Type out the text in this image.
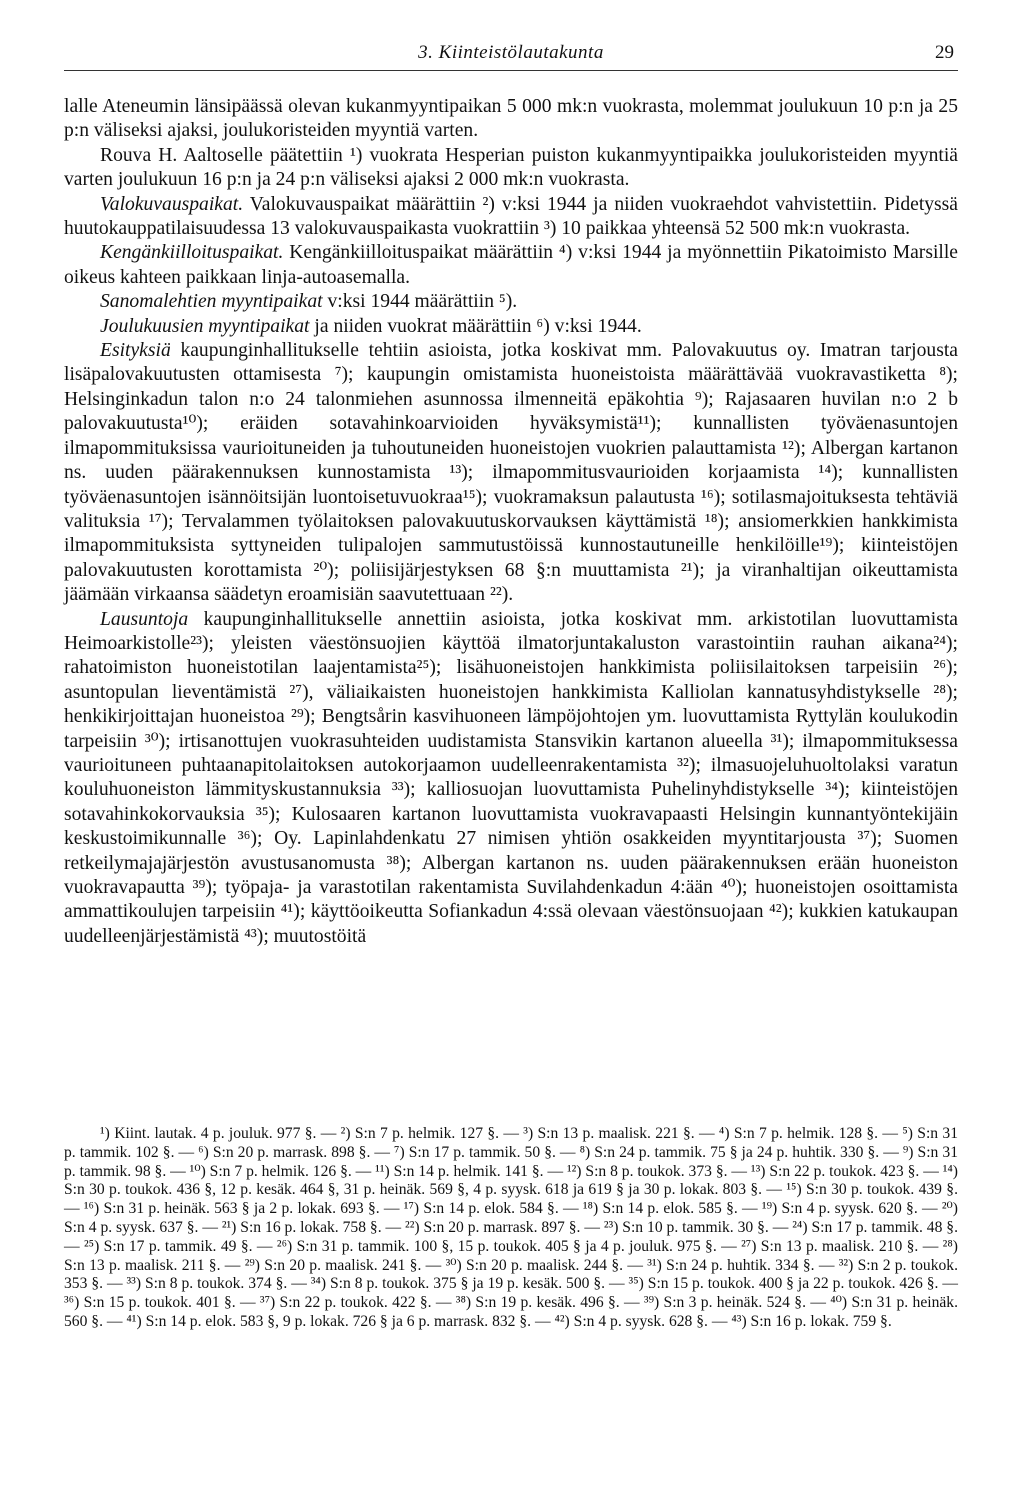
3. Kiinteistölautakunta	29

lalle Ateneumin länsipäässä olevan kukanmyyntipaikan 5 000 mk:n vuokrasta, molemmat joulukuun 10 p:n ja 25 p:n väliseksi ajaksi, joulukoristeiden myyntiä varten.

Rouva H. Aaltoselle päätettiin ¹) vuokrata Hesperian puiston kukanmyyntipaikka joulukoristeiden myyntiä varten joulukuun 16 p:n ja 24 p:n väliseksi ajaksi 2 000 mk:n vuokrasta.

Valokuvauspaikat. Valokuvauspaikat määrättiin ²) v:ksi 1944 ja niiden vuokraehdot vahvistettiin. Pidetyssä huutokauppatilaisuudessa 13 valokuvauspaikasta vuokrattiin ³) 10 paikkaa yhteensä 52 500 mk:n vuokrasta.

Kengänkiilloituspaikat. Kengänkiilloituspaikat määrättiin ⁴) v:ksi 1944 ja myönnettiin Pikatoimisto Marsille oikeus kahteen paikkaan linja-autoasemalla.

Sanomalehtien myyntipaikat v:ksi 1944 määrättiin ⁵).

Joulukuusien myyntipaikat ja niiden vuokrat määrättiin ⁶) v:ksi 1944.

Esityksiä kaupunginhallitukselle tehtiin asioista, jotka koskivat mm. Palovakuutus oy. Imatran tarjousta lisäpalovakuutusten ottamisesta ⁷); kaupungin omistamista huoneistoista määrättävää vuokravastiketta ⁸); Helsinginkadun talon n:o 24 talonmiehen asunnossa ilmenneitä epäkohtia ⁹); Rajasaaren huvilan n:o 2 b palovakuutusta¹⁰); eräiden sotavahinkoarvioiden hyväksymistä¹¹); kunnallisten työväenasuntojen ilmapommituksissa vaurioituneiden ja tuhoutuneiden huoneistojen vuokrien palauttamista ¹²); Albergan kartanon ns. uuden päärakennuksen kunnostamista ¹³); ilmapommitusvaurioiden korjaamista ¹⁴); kunnallisten työväenasuntojen isännöitsijän luontoisetuvuokraa¹⁵); vuokramaksun palautusta ¹⁶); sotilasmajoituksesta tehtäviä valituksia ¹⁷); Tervalammen työlaitoksen palovakuutuskorvauksen käyttämistä ¹⁸); ansiomerkkien hankkimista ilmapommituksista syttyneiden tulipalojen sammutustöissä kunnostautuneille henkilöille¹⁹); kiinteistöjen palovakuutusten korottamista ²⁰); poliisijärjestyksen 68 §:n muuttamista ²¹); ja viranhaltijan oikeuttamista jäämään virkaansa säädetyn eroamisiän saavutettuaan ²²).

Lausuntoja kaupunginhallitukselle annettiin asioista, jotka koskivat mm. arkistotilan luovuttamista Heimoarkistolle²³); yleisten väestönsuojien käyttöä ilmatorjuntakaluston varastointiin rauhan aikana²⁴); rahatoimiston huoneistotilan laajentamista²⁵); lisähuoneistojen hankkimista poliisilaitoksen tarpeisiin ²⁶); asuntopulan lieventämistä ²⁷), väliaikaisten huoneistojen hankkimista Kalliolan kannatusyhdistykselle ²⁸); henkikirjoittajan huoneistoa ²⁹); Bengtsårin kasvihuoneen lämpöjohtojen ym. luovuttamista Ryttylän koulukodin tarpeisiin ³⁰); irtisanottujen vuokrasuhteiden uudistamista Stansvikin kartanon alueella ³¹); ilmapommituksessa vaurioituneen puhtaanapitolaitoksen autokorjaamon uudelleenrakentamista ³²); ilmasuojeluhuoltolaksi varatun kouluhuoneiston lämmityskustannuksia ³³); kalliosuojan luovuttamista Puhelinyhdistykselle ³⁴); kiinteistöjen sotavahinkokorvauksia ³⁵); Kulosaaren kartanon luovuttamista vuokravapaasti Helsingin kunnantyöntekijäin keskustoimikunnalle ³⁶); Oy. Lapinlahdenkatu 27 nimisen yhtiön osakkeiden myyntitarjousta ³⁷); Suomen retkeilymajajärjestön avustusanomusta ³⁸); Albergan kartanon ns. uuden päärakennuksen erään huoneiston vuokravapautta ³⁹); työpaja- ja varastotilan rakentamista Suvilahdenkadun 4:ään ⁴⁰); huoneistojen osoittamista ammattikoulujen tarpeisiin ⁴¹); käyttöoikeutta Sofiankadun 4:ssä olevaan väestönsuojaan ⁴²); kukkien katukaupan uudelleenjärjestämistä ⁴³); muutostöitä

¹) Kiint. lautak. 4 p. jouluk. 977 §. — ²) S:n 7 p. helmik. 127 §. — ³) S:n 13 p. maalisk. 221 §. — ⁴) S:n 7 p. helmik. 128 §. — ⁵) S:n 31 p. tammik. 102 §. — ⁶) S:n 20 p. marrask. 898 §. — ⁷) S:n 17 p. tammik. 50 §. — ⁸) S:n 24 p. tammik. 75 § ja 24 p. huhtik. 330 §. — ⁹) S:n 31 p. tammik. 98 §. — ¹⁰) S:n 7 p. helmik. 126 §. — ¹¹) S:n 14 p. helmik. 141 §. — ¹²) S:n 8 p. toukok. 373 §. — ¹³) S:n 22 p. toukok. 423 §. — ¹⁴) S:n 30 p. toukok. 436 §, 12 p. kesäk. 464 §, 31 p. heinäk. 569 §, 4 p. syysk. 618 ja 619 § ja 30 p. lokak. 803 §. — ¹⁵) S:n 30 p. toukok. 439 §. — ¹⁶) S:n 31 p. heinäk. 563 § ja 2 p. lokak. 693 §. — ¹⁷) S:n 14 p. elok. 584 §. — ¹⁸) S:n 14 p. elok. 585 §. — ¹⁹) S:n 4 p. syysk. 620 §. — ²⁰) S:n 4 p. syysk. 637 §. — ²¹) S:n 16 p. lokak. 758 §. — ²²) S:n 20 p. marrask. 897 §. — ²³) S:n 10 p. tammik. 30 §. — ²⁴) S:n 17 p. tammik. 48 §. — ²⁵) S:n 17 p. tammik. 49 §. — ²⁶) S:n 31 p. tammik. 100 §, 15 p. toukok. 405 § ja 4 p. jouluk. 975 §. — ²⁷) S:n 13 p. maalisk. 210 §. — ²⁸) S:n 13 p. maalisk. 211 §. — ²⁹) S:n 20 p. maalisk. 241 §. — ³⁰) S:n 20 p. maalisk. 244 §. — ³¹) S:n 24 p. huhtik. 334 §. — ³²) S:n 2 p. toukok. 353 §. — ³³) S:n 8 p. toukok. 374 §. — ³⁴) S:n 8 p. toukok. 375 § ja 19 p. kesäk. 500 §. — ³⁵) S:n 15 p. toukok. 400 § ja 22 p. toukok. 426 §. — ³⁶) S:n 15 p. toukok. 401 §. — ³⁷) S:n 22 p. toukok. 422 §. — ³⁸) S:n 19 p. kesäk. 496 §. — ³⁹) S:n 3 p. heinäk. 524 §. — ⁴⁰) S:n 31 p. heinäk. 560 §. — ⁴¹) S:n 14 p. elok. 583 §, 9 p. lokak. 726 § ja 6 p. marrask. 832 §. — ⁴²) S:n 4 p. syysk. 628 §. — ⁴³) S:n 16 p. lokak. 759 §.
